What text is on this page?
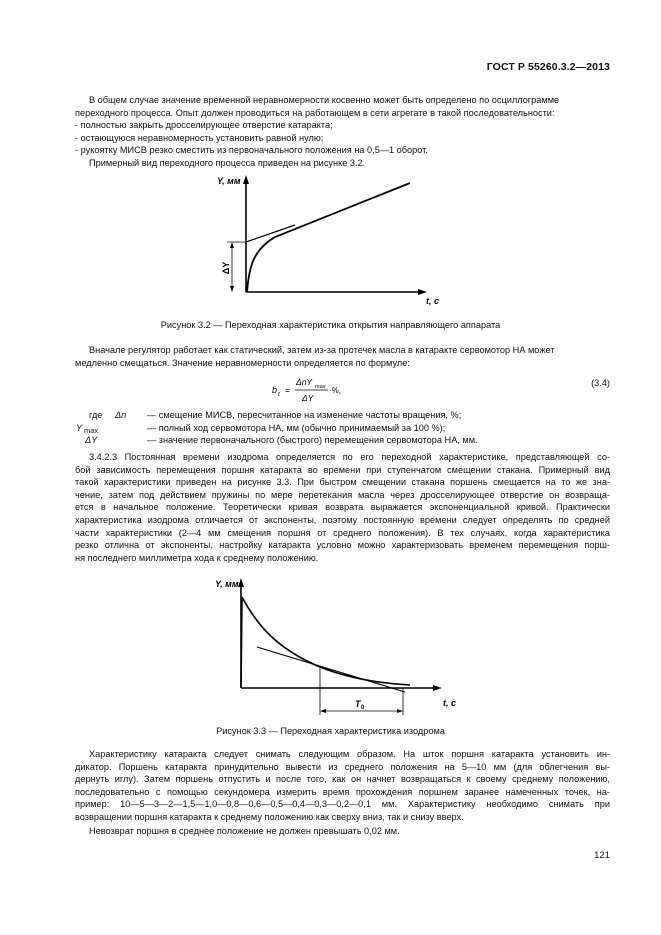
ГОСТ Р 55260.3.2—2013
В общем случае значение временной неравномерности косвенно может быть определено по осциллограмме
переходного процесса. Опыт должен проводиться на работающем в сети агрегате в такой последовательности:
- полностью закрыть дросселирующее отверстие катаракта;
- остающуюся неравномерность установить равной нулю;
- рукоятку МИСВ резко сместить из первоначального положения на 0,5—1 оборот.
Примерный вид переходного процесса приведен на рисунке 3.2.
ΔY
Y, мм
t, с
Рисунок 3.2 — Переходная характеристика открытия направляющего аппарата
Вначале регулятор работает как статический, затем из-за протечек масла в катаракте сервомотор НА может
медленно смещаться. Значение неравномерности определяется по формуле:
b t =
ΔnY max
ΔY
·%,
(3.4)
где Δn — смещение МИСВ, пересчитанное на изменение частоты вращения, %;
Y max	— полный ход сервомотора НА, мм (обычно принимаемый за 100 %);
ΔY	— значение первоначального (быстрого) перемещения сервомотора НА, мм.
3.4.2.3 Постоянная времени изодрома определяется по его переходной характеристике, представляющей со-
бой зависимость перемещения поршня катаракта во времени при ступенчатом смещении стакана. Примерный вид
такой характеристики приведен на рисунке 3.3. При быстром смещении стакана поршень смещается на то же зна-
чение, затем под действием пружины по мере перетекания масла через дросселирующее отверстие он возвраща-
ется в начальное положение. Теоретически кривая возврата выражается экспоненциальной кривой. Практически
характеристика изодрома отличается от экспоненты, поэтому постоянную времени следует определять по средней
части характеристики (2—4 мм смещения поршня от среднего положения). В тех случаях, когда характеристика
резко отлична от экспоненты, настройку катаракта условно можно характеризовать временем перемещения порш-
ня последнего миллиметра хода к среднему положению.
T 0
Y, мм
t, с
Рисунок 3.3 — Переходная характеристика изодрома
Характеристику катаракта следует снимать следующим образом. На шток поршня катаракта установить ин-
дикатор. Поршень катаракта принудительно вывести из среднего положения на 5—10 мм (для облегчения вы-
дернуть иглу). Затем поршень отпустить и после того, как он начнет возвращаться к своему среднему положению,
последовательно с помощью секундомера измерить время прохождения поршнем заранее намеченных точек, на-
пример: 10—5—3—2—1,5—1,0—0,8—0,6—0,5—0,4—0,3—0,2—0,1 мм. Характеристику необходимо снимать при
возвращении поршня катаракта к среднему положению как сверху вниз, так и снизу вверх.
Невозврат поршня в среднее положение не должен превышать 0,02 мм.
121
